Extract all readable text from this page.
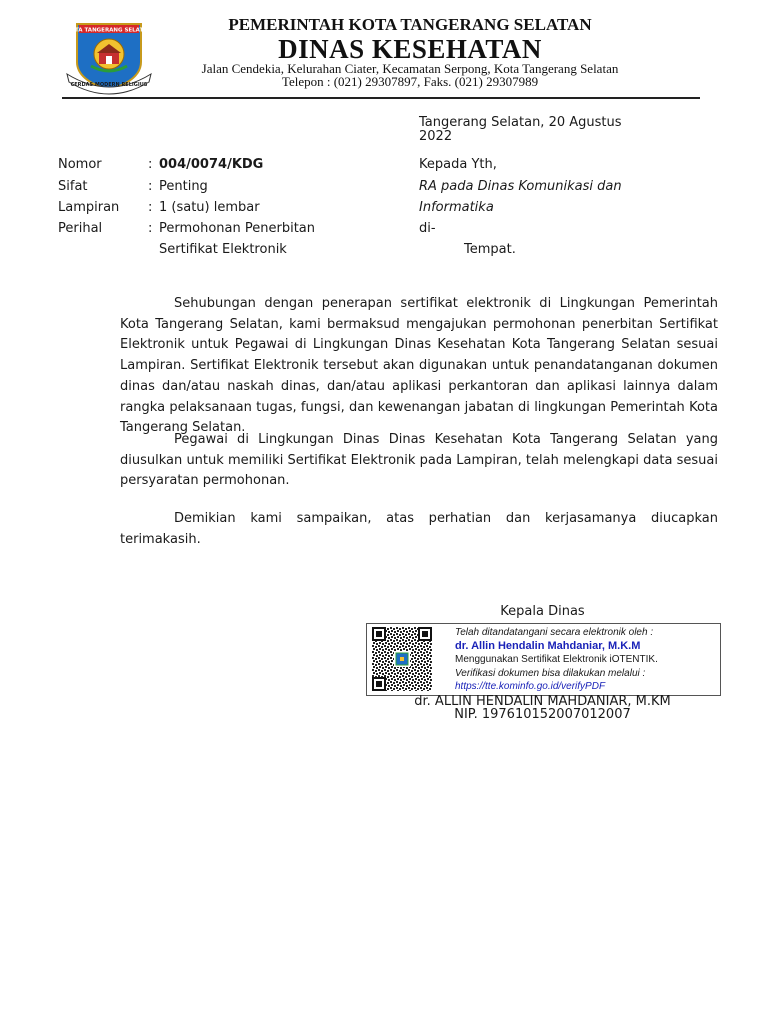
KOTA TANGERANG SELATAN
CERDAS MODERN RELIGIUS
PEMERINTAH KOTA TANGERANG SELATAN
DINAS KESEHATAN
Jalan Cendekia, Kelurahan Ciater, Kecamatan Serpong, Kota Tangerang Selatan
Telepon : (021) 29307897, Faks. (021) 29307989
Tangerang Selatan, 20 Agustus
2022
Nomor	: 004/0074/KDG
Sifat	: Penting
Lampiran : 1 (satu) lembar
Perihal	: Permohonan Penerbitan
Sertifikat Elektronik
Kepada Yth,
RA pada Dinas Komunikasi dan
Informatika
di-
Tempat.
Sehubungan dengan penerapan sertifikat elektronik di Lingkungan Pemerintah Kota Tangerang Selatan, kami bermaksud mengajukan permohonan penerbitan Sertifikat Elektronik untuk Pegawai di Lingkungan Dinas Kesehatan Kota Tangerang Selatan sesuai Lampiran. Sertifikat Elektronik tersebut akan digunakan untuk penandatanganan dokumen dinas dan/atau naskah dinas, dan/atau aplikasi perkantoran dan aplikasi lainnya dalam rangka pelaksanaan tugas, fungsi, dan kewenangan jabatan di lingkungan Pemerintah Kota Tangerang Selatan.
Pegawai di Lingkungan Dinas Dinas Kesehatan Kota Tangerang Selatan yang diusulkan untuk memiliki Sertifikat Elektronik pada Lampiran, telah melengkapi data sesuai persyaratan permohonan.
Demikian kami sampaikan, atas perhatian dan kerjasamanya diucapkan terimakasih.
Kepala Dinas
Telah ditandatangani secara elektronik oleh :
dr. Allin Hendalin Mahdaniar, M.K.M
Menggunakan Sertifikat Elektronik iOTENTIK.
Verifikasi dokumen bisa dilakukan melalui :
https://tte.kominfo.go.id/verifyPDF
dr. ALLIN HENDALIN MAHDANIAR, M.KM
NIP. 197610152007012007
